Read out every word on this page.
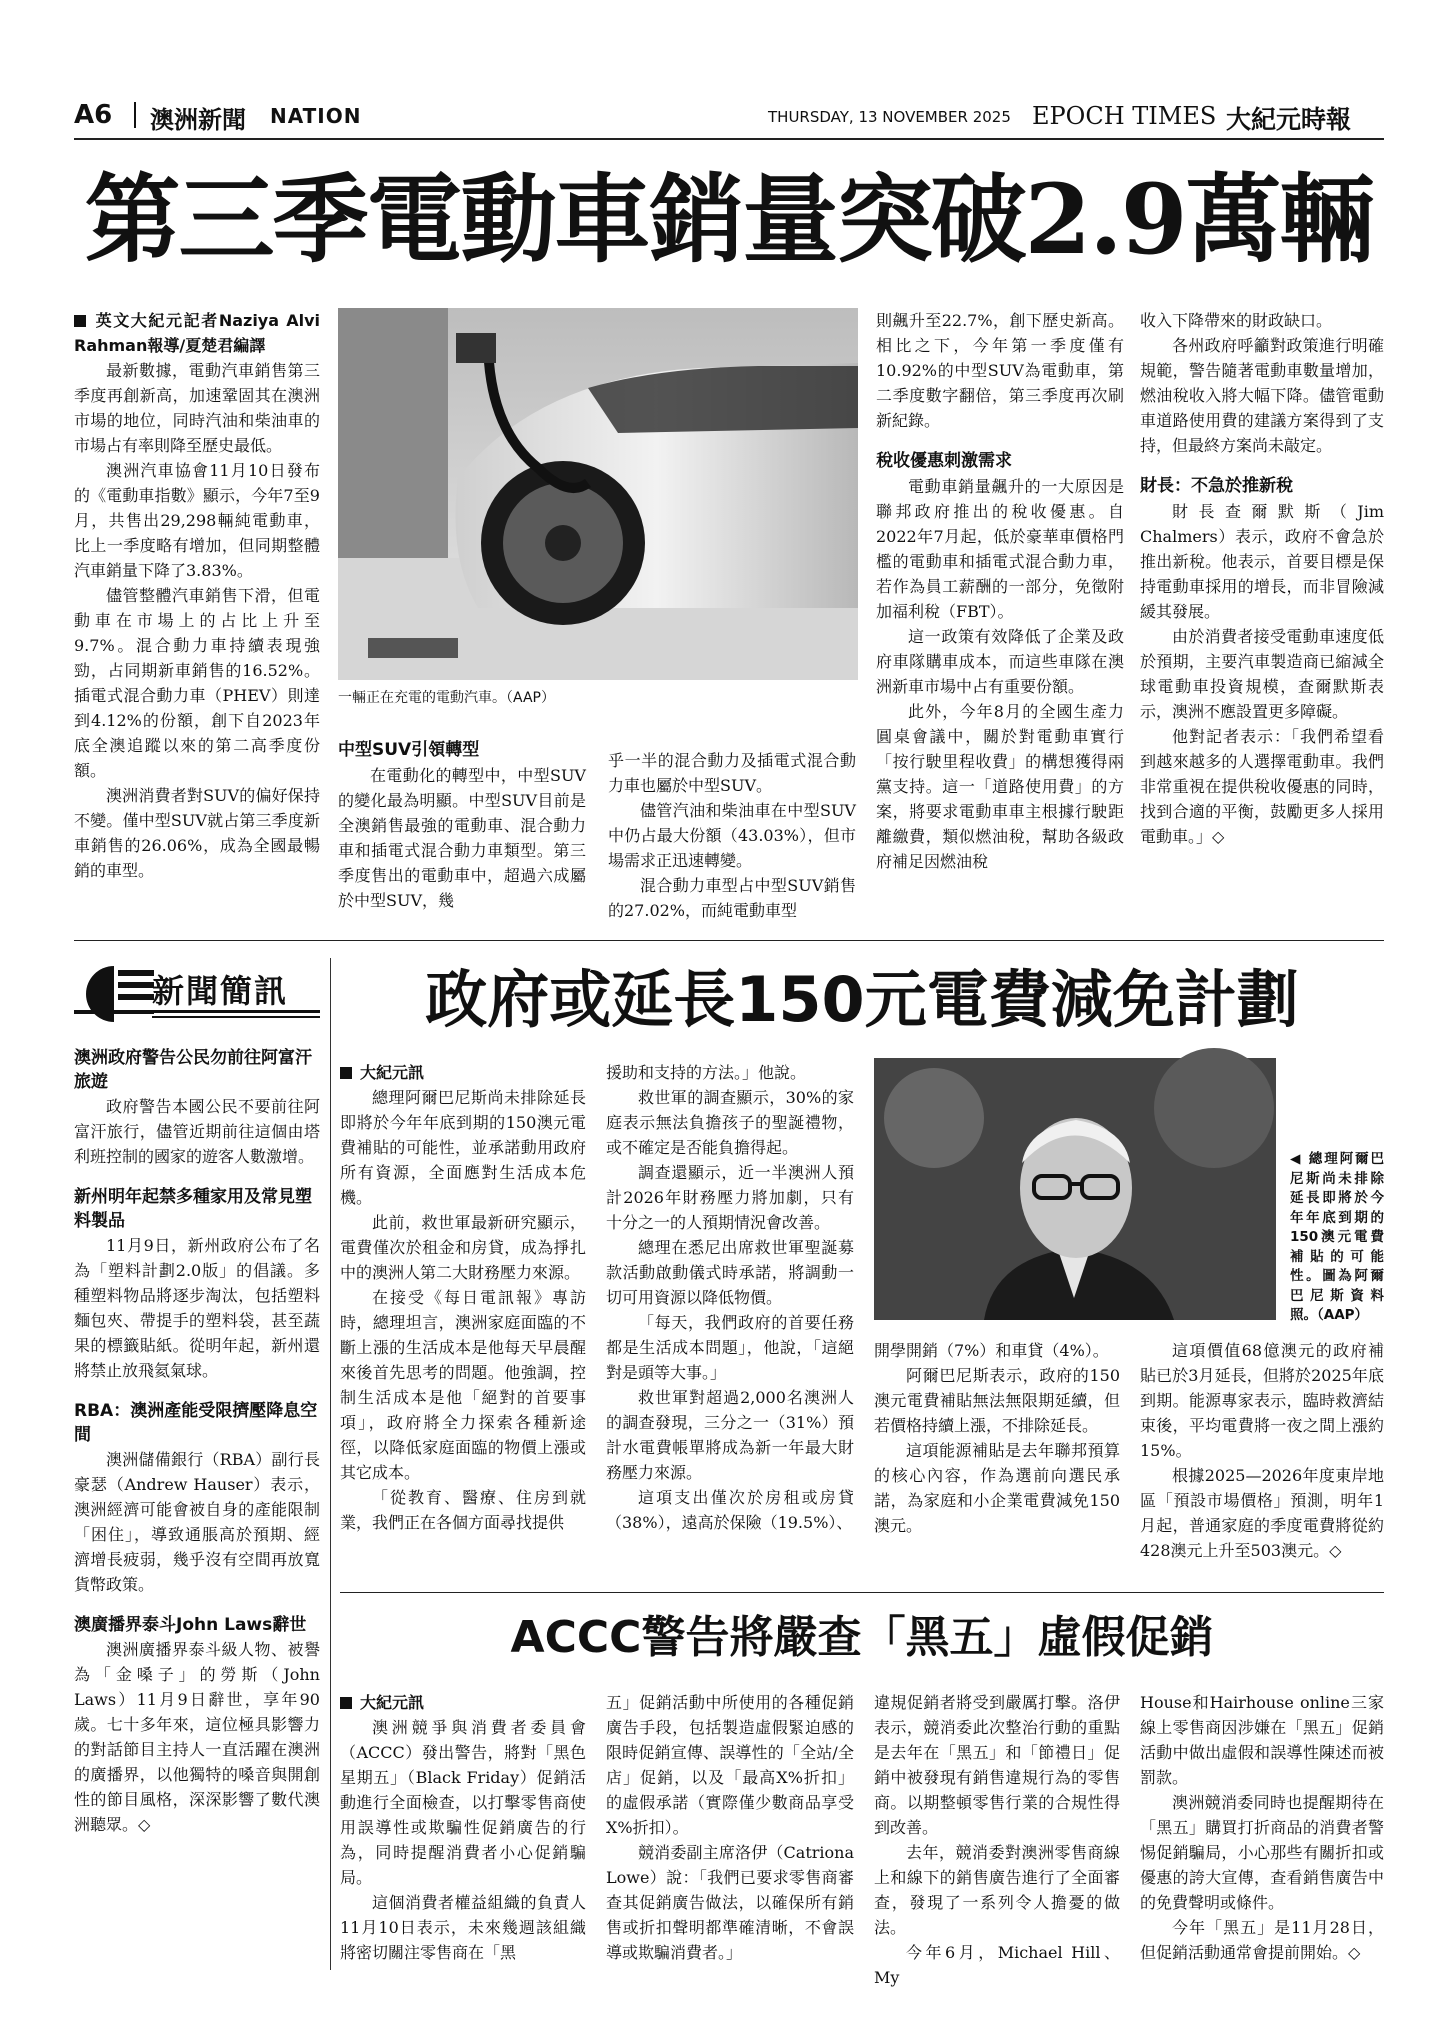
A6 澳洲新聞 NATION	THURSDAY, 13 NOVEMBER 2025 EPOCH TIMES 大紀元時報
第三季電動車銷量突破2.9萬輛
英文大紀元記者Naziya Alvi Rahman報導/夏楚君編譯

最新數據，電動汽車銷售第三季度再創新高，加速鞏固其在澳洲市場的地位，同時汽油和柴油車的市場占有率則降至歷史最低。

澳洲汽車協會11月10日發布的《電動車指數》顯示，今年7至9月，共售出29,298輛純電動車，比上一季度略有增加，但同期整體汽車銷量下降了3.83%。

儘管整體汽車銷售下滑，但電動車在市場上的占比上升至9.7%。混合動力車持續表現強勁，占同期新車銷售的16.52%。插電式混合動力車（PHEV）則達到4.12%的份額，創下自2023年底全澳追蹤以來的第二高季度份額。

澳洲消費者對SUV的偏好保持不變。僅中型SUV就占第三季度新車銷售的26.06%，成為全國最暢銷的車型。

一輛正在充電的電動汽車。（AAP）
中型SUV引領轉型

在電動化的轉型中，中型SUV的變化最為明顯。中型SUV目前是全澳銷售最強的電動車、混合動力車和插電式混合動力車類型。第三季度售出的電動車中，超過六成屬於中型SUV，幾

乎一半的混合動力及插電式混合動力車也屬於中型SUV。

儘管汽油和柴油車在中型SUV中仍占最大份額（43.03%），但市場需求正迅速轉變。

混合動力車型占中型SUV銷售的27.02%，而純電動車型

則飆升至22.7%，創下歷史新高。相比之下，今年第一季度僅有10.92%的中型SUV為電動車，第二季度數字翻倍，第三季度再次刷新紀錄。

稅收優惠刺激需求

電動車銷量飆升的一大原因是聯邦政府推出的稅收優惠。自2022年7月起，低於豪華車價格門檻的電動車和插電式混合動力車，若作為員工薪酬的一部分，免徵附加福利稅（FBT）。

這一政策有效降低了企業及政府車隊購車成本，而這些車隊在澳洲新車市場中占有重要份額。

此外，今年8月的全國生產力圓桌會議中，關於對電動車實行「按行駛里程收費」的構想獲得兩黨支持。這一「道路使用費」的方案，將要求電動車車主根據行駛距離繳費，類似燃油稅，幫助各級政府補足因燃油稅

收入下降帶來的財政缺口。

各州政府呼籲對政策進行明確規範，警告隨著電動車數量增加，燃油稅收入將大幅下降。儘管電動車道路使用費的建議方案得到了支持，但最終方案尚未敲定。

財長：不急於推新稅

財長查爾默斯（Jim Chalmers）表示，政府不會急於推出新稅。他表示，首要目標是保持電動車採用的增長，而非冒險減緩其發展。

由於消費者接受電動車速度低於預期，主要汽車製造商已縮減全球電動車投資規模，查爾默斯表示，澳洲不應設置更多障礙。

他對記者表示：「我們希望看到越來越多的人選擇電動車。我們非常重視在提供稅收優惠的同時，找到合適的平衡，鼓勵更多人採用電動車。」◇

新聞簡訊
澳洲政府警告公民勿前往阿富汗旅遊

政府警告本國公民不要前往阿富汗旅行，儘管近期前往這個由塔利班控制的國家的遊客人數激增。

新州明年起禁多種家用及常見塑料製品

11月9日，新州政府公布了名為「塑料計劃2.0版」的倡議。多種塑料物品將逐步淘汰，包括塑料麵包夾、帶提手的塑料袋，甚至蔬果的標籤貼紙。從明年起，新州還將禁止放飛氦氣球。

RBA：澳洲產能受限擠壓降息空間

澳洲儲備銀行（RBA）副行長豪瑟（Andrew Hauser）表示，澳洲經濟可能會被自身的產能限制「困住」，導致通脹高於預期、經濟增長疲弱，幾乎沒有空間再放寬貨幣政策。

澳廣播界泰斗John Laws辭世

澳洲廣播界泰斗級人物、被譽為「金嗓子」的勞斯（John Laws）11月9日辭世，享年90歲。七十多年來，這位極具影響力的對話節目主持人一直活躍在澳洲的廣播界，以他獨特的嗓音與開創性的節目風格，深深影響了數代澳洲聽眾。◇

政府或延長150元電費減免計劃
大紀元訊

總理阿爾巴尼斯尚未排除延長即將於今年年底到期的150澳元電費補貼的可能性，並承諾動用政府所有資源，全面應對生活成本危機。

此前，救世軍最新研究顯示，電費僅次於租金和房貸，成為掙扎中的澳洲人第二大財務壓力來源。

在接受《每日電訊報》專訪時，總理坦言，澳洲家庭面臨的不斷上漲的生活成本是他每天早晨醒來後首先思考的問題。他強調，控制生活成本是他「絕對的首要事項」，政府將全力探索各種新途徑，以降低家庭面臨的物價上漲或其它成本。

「從教育、醫療、住房到就業，我們正在各個方面尋找提供

援助和支持的方法。」他說。

救世軍的調查顯示，30%的家庭表示無法負擔孩子的聖誕禮物，或不確定是否能負擔得起。

調查還顯示，近一半澳洲人預計2026年財務壓力將加劇，只有十分之一的人預期情況會改善。

總理在悉尼出席救世軍聖誕募款活動啟動儀式時承諾，將調動一切可用資源以降低物價。

「每天，我們政府的首要任務都是生活成本問題」，他說，「這絕對是頭等大事。」

救世軍對超過2,000名澳洲人的調查發現，三分之一（31%）預計水電費帳單將成為新一年最大財務壓力來源。

這項支出僅次於房租或房貸（38%），遠高於保險（19.5%）、

◀ 總理阿爾巴尼斯尚未排除延長即將於今年年底到期的150澳元電費補貼的可能性。圖為阿爾巴尼斯資料照。（AAP）

開學開銷（7%）和車貸（4%）。

阿爾巴尼斯表示，政府的150澳元電費補貼無法無限期延續，但若價格持續上漲，不排除延長。

這項能源補貼是去年聯邦預算的核心內容，作為選前向選民承諾，為家庭和小企業電費減免150澳元。

這項價值68億澳元的政府補貼已於3月延長，但將於2025年底到期。能源專家表示，臨時救濟結束後，平均電費將一夜之間上漲約15%。

根據2025—2026年度東岸地區「預設市場價格」預測，明年1月起，普通家庭的季度電費將從約428澳元上升至503澳元。◇

ACCC警告將嚴查「黑五」虛假促銷
大紀元訊

澳洲競爭與消費者委員會（ACCC）發出警告，將對「黑色星期五」（Black Friday）促銷活動進行全面檢查，以打擊零售商使用誤導性或欺騙性促銷廣告的行為，同時提醒消費者小心促銷騙局。

這個消費者權益組織的負責人11月10日表示，未來幾週該組織將密切關注零售商在「黑

五」促銷活動中所使用的各種促銷廣告手段，包括製造虛假緊迫感的限時促銷宣傳、誤導性的「全站/全店」促銷，以及「最高X%折扣」的虛假承諾（實際僅少數商品享受X%折扣）。

競消委副主席洛伊（Catriona Lowe）說：「我們已要求零售商審查其促銷廣告做法，以確保所有銷售或折扣聲明都準確清晰，不會誤導或欺騙消費者。」

違規促銷者將受到嚴厲打擊。洛伊表示，競消委此次整治行動的重點是去年在「黑五」和「節禮日」促銷中被發現有銷售違規行為的零售商。以期整頓零售行業的合規性得到改善。

去年，競消委對澳洲零售商線上和線下的銷售廣告進行了全面審查，發現了一系列令人擔憂的做法。

今年6月，Michael Hill、My

House和Hairhouse online三家線上零售商因涉嫌在「黑五」促銷活動中做出虛假和誤導性陳述而被罰款。

澳洲競消委同時也提醒期待在「黑五」購買打折商品的消費者警惕促銷騙局，小心那些有關折扣或優惠的誇大宣傳，查看銷售廣告中的免費聲明或條件。

今年「黑五」是11月28日，但促銷活動通常會提前開始。◇
